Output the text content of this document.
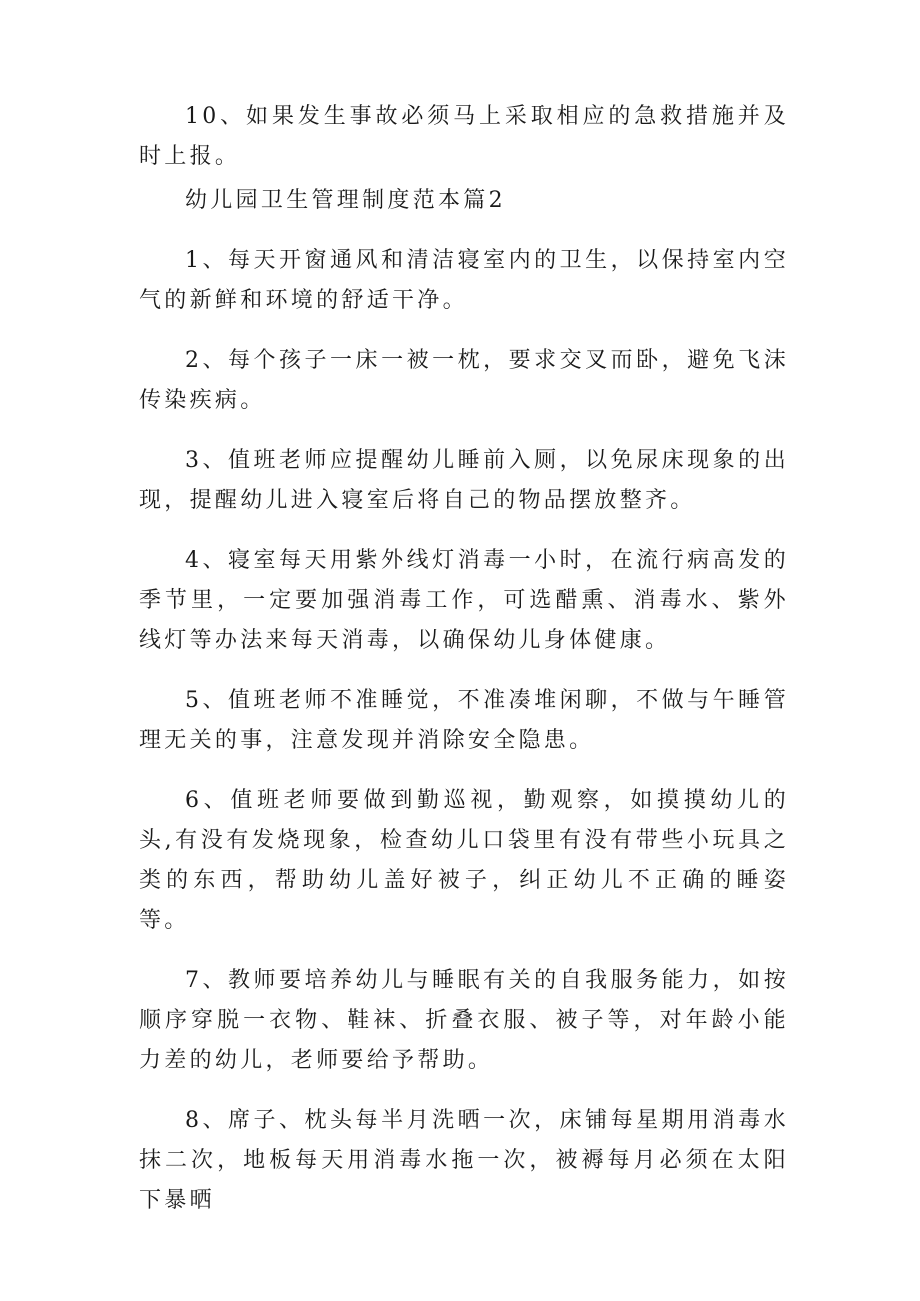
10、如果发生事故必须马上采取相应的急救措施并及时上报。

幼儿园卫生管理制度范本篇2

1、每天开窗通风和清洁寝室内的卫生，以保持室内空气的新鲜和环境的舒适干净。

2、每个孩子一床一被一枕，要求交叉而卧，避免飞沫传染疾病。

3、值班老师应提醒幼儿睡前入厕，以免尿床现象的出现，提醒幼儿进入寝室后将自己的物品摆放整齐。

4、寝室每天用紫外线灯消毒一小时，在流行病高发的季节里，一定要加强消毒工作，可选醋熏、消毒水、紫外线灯等办法来每天消毒，以确保幼儿身体健康。

5、值班老师不准睡觉，不准凑堆闲聊，不做与午睡管理无关的事，注意发现并消除安全隐患。

6、值班老师要做到勤巡视，勤观察，如摸摸幼儿的头,有没有发烧现象，检查幼儿口袋里有没有带些小玩具之类的东西，帮助幼儿盖好被子，纠正幼儿不正确的睡姿等。

7、教师要培养幼儿与睡眠有关的自我服务能力，如按顺序穿脱一衣物、鞋袜、折叠衣服、被子等，对年龄小能力差的幼儿，老师要给予帮助。

8、席子、枕头每半月洗晒一次，床铺每星期用消毒水抹二次，地板每天用消毒水拖一次，被褥每月必须在太阳下暴晒
